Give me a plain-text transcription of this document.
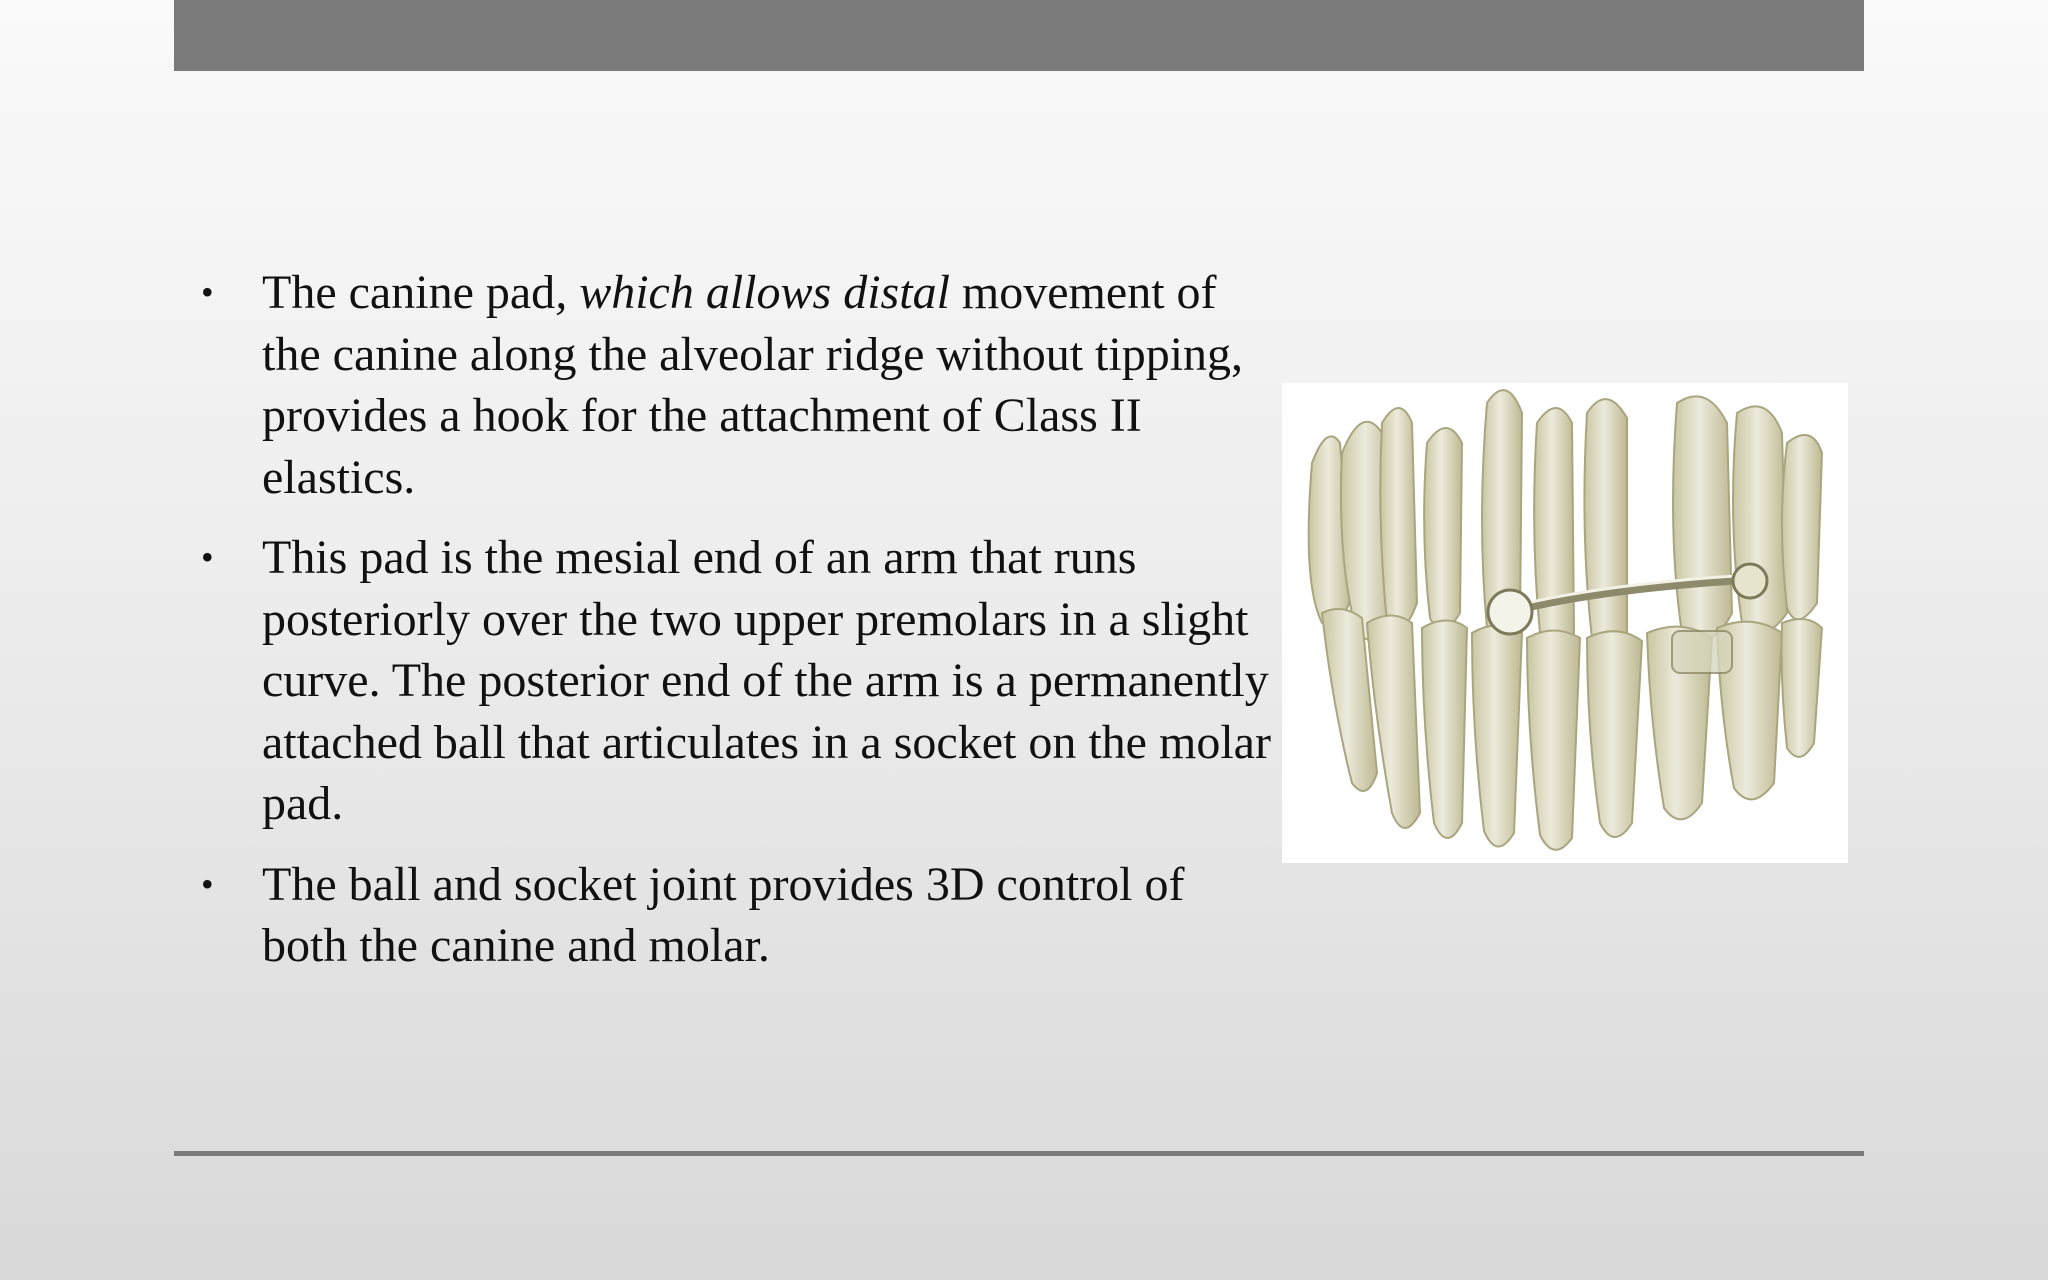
• The canine pad, which allows distal movement of the canine along the alveolar ridge without tipping, provides a hook for the attachment of Class II elastics.
• This pad is the mesial end of an arm that runs posteriorly over the two upper premolars in a slight curve. The posterior end of the arm is a permanently attached ball that articulates in a socket on the molar pad.
• The ball and socket joint provides 3D control of both the canine and molar.
